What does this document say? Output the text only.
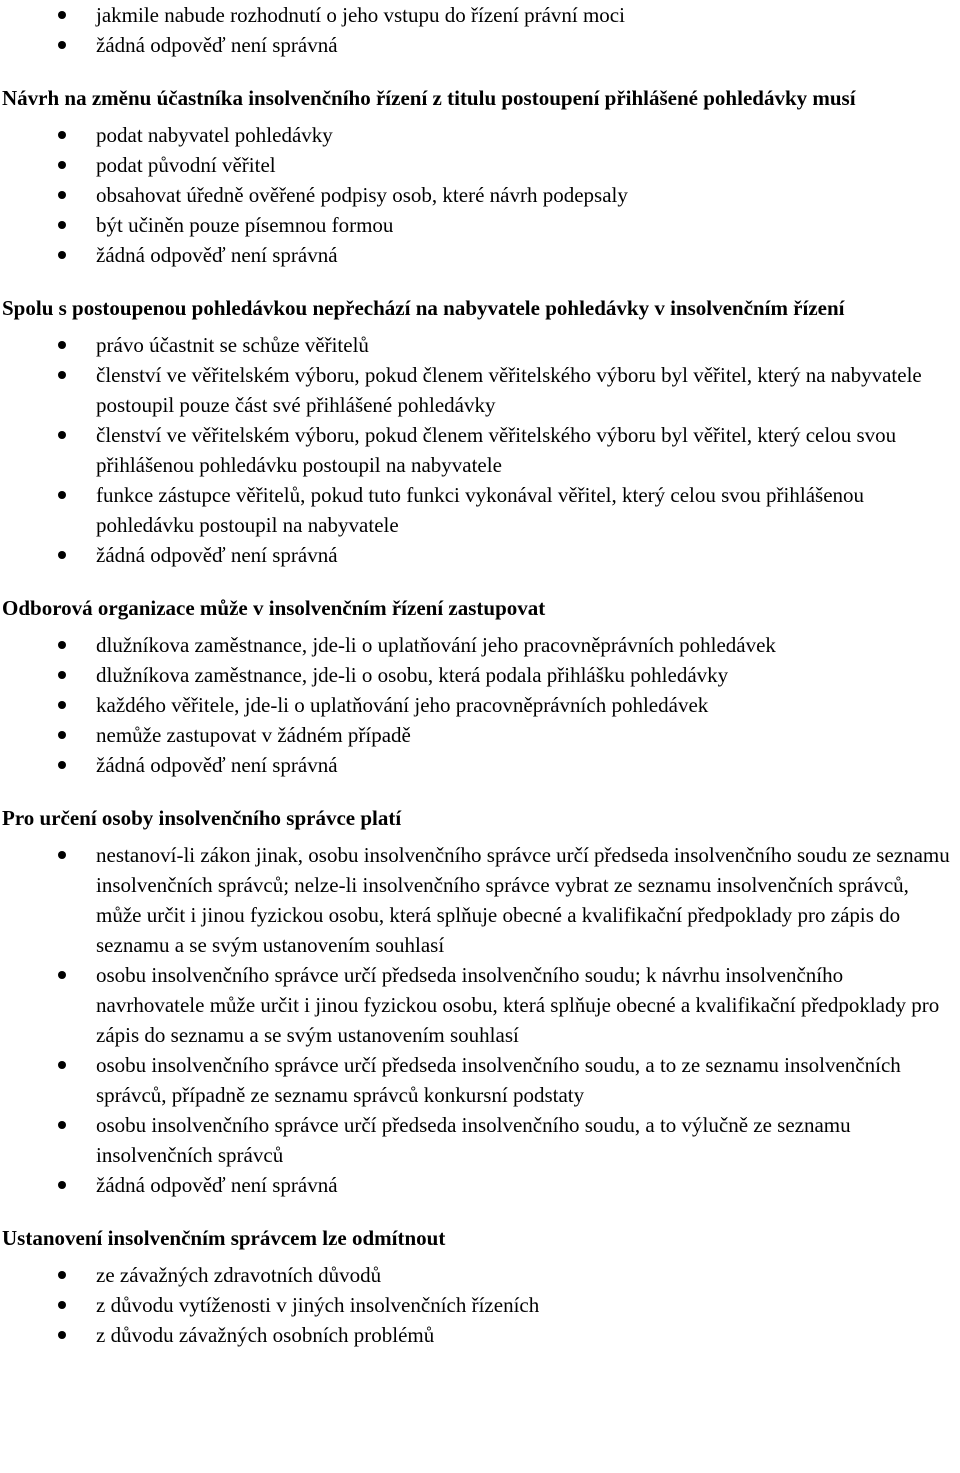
jakmile nabude rozhodnutí o jeho vstupu do řízení právní moci
žádná odpověď není správná

Návrh na změnu účastníka insolvenčního řízení z titulu postoupení přihlášené pohledávky musí

podat nabyvatel pohledávky
podat původní věřitel
obsahovat úředně ověřené podpisy osob, které návrh podepsaly
být učiněn pouze písemnou formou
žádná odpověď není správná

Spolu s postoupenou pohledávkou nepřechází na nabyvatele pohledávky v insolvenčním řízení

právo účastnit se schůze věřitelů
členství ve věřitelském výboru, pokud členem věřitelského výboru byl věřitel, který na nabyvatele postoupil pouze část své přihlášené pohledávky
členství ve věřitelském výboru, pokud členem věřitelského výboru byl věřitel, který celou svou přihlášenou pohledávku postoupil na nabyvatele
funkce zástupce věřitelů, pokud tuto funkci vykonával věřitel, který celou svou přihlášenou pohledávku postoupil na nabyvatele
žádná odpověď není správná

Odborová organizace může v insolvenčním řízení zastupovat

dlužníkova zaměstnance, jde-li o uplatňování jeho pracovněprávních pohledávek
dlužníkova zaměstnance, jde-li o osobu, která podala přihlášku pohledávky
každého věřitele, jde-li o uplatňování jeho pracovněprávních pohledávek
nemůže zastupovat v žádném případě
žádná odpověď není správná

Pro určení osoby insolvenčního správce platí

nestanoví-li zákon jinak, osobu insolvenčního správce určí předseda insolvenčního soudu ze seznamu insolvenčních správců; nelze-li insolvenčního správce vybrat ze seznamu insolvenčních správců, může určit i jinou fyzickou osobu, která splňuje obecné a kvalifikační předpoklady pro zápis do seznamu a se svým ustanovením souhlasí
osobu insolvenčního správce určí předseda insolvenčního soudu; k návrhu insolvenčního navrhovatele může určit i jinou fyzickou osobu, která splňuje obecné a kvalifikační předpoklady pro zápis do seznamu a se svým ustanovením souhlasí
osobu insolvenčního správce určí předseda insolvenčního soudu, a to ze seznamu insolvenčních správců, případně ze seznamu správců konkursní podstaty
osobu insolvenčního správce určí předseda insolvenčního soudu, a to výlučně ze seznamu insolvenčních správců
žádná odpověď není správná

Ustanovení insolvenčním správcem lze odmítnout

ze závažných zdravotních důvodů
z důvodu vytíženosti v jiných insolvenčních řízeních
z důvodu závažných osobních problémů
